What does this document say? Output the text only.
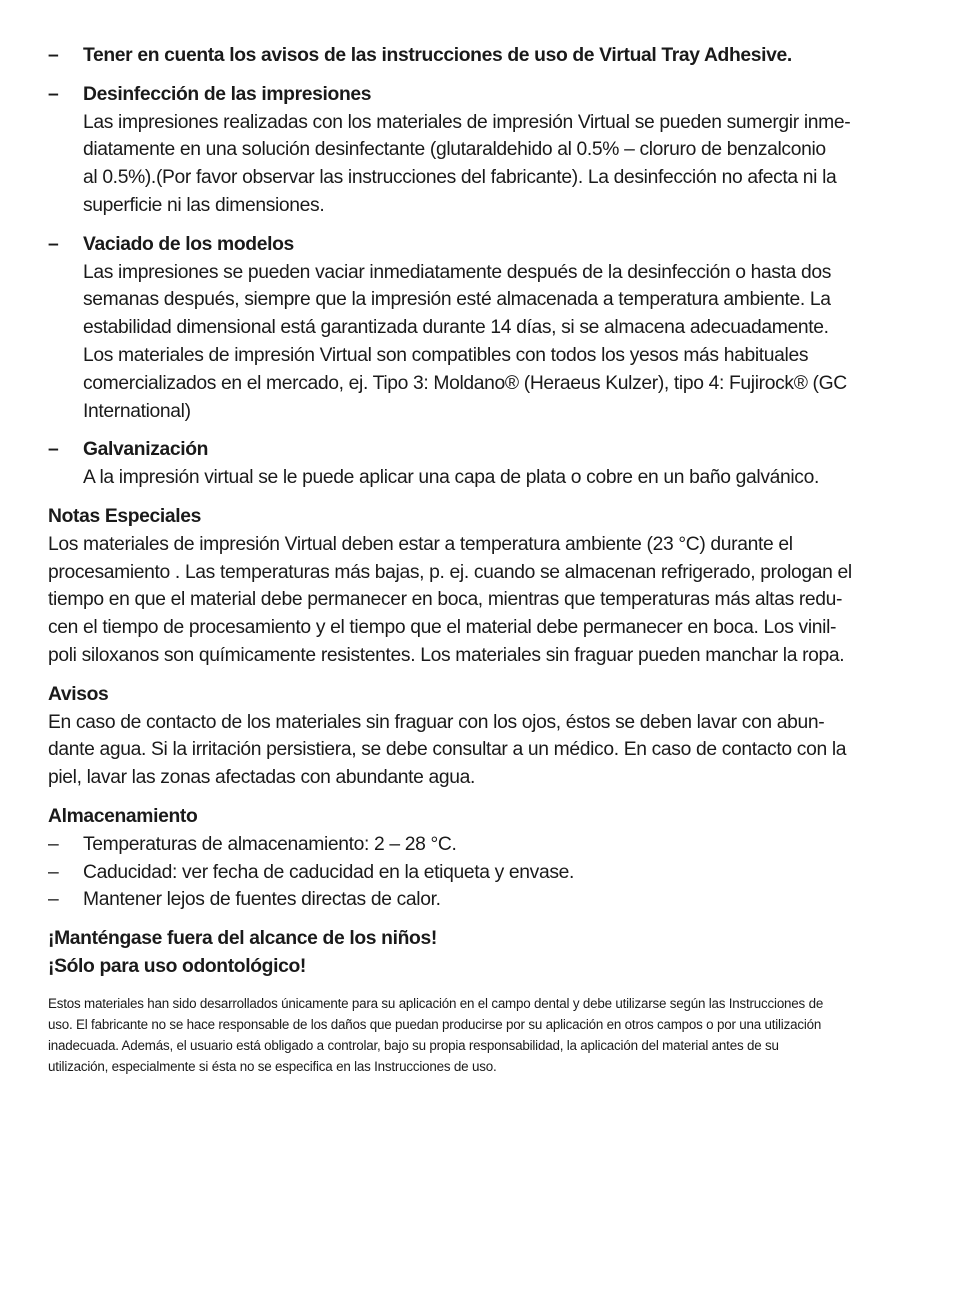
–	Tener en cuenta los avisos de las instrucciones de uso de Virtual Tray Adhesive.

–	Desinfección de las impresiones

Las impresiones realizadas con los materiales de impresión Virtual se pueden sumergir inme-

diatamente en una solución desinfectante (glutaraldehido al 0.5% – cloruro de benzalconio

al 0.5%).(Por favor observar las instrucciones del fabricante). La desinfección no afecta ni la

superficie ni las dimensiones.

–	Vaciado de los modelos

Las impresiones se pueden vaciar inmediatamente después de la desinfección o hasta dos

semanas después, siempre que la impresión esté almacenada a temperatura ambiente. La

estabilidad dimensional está garantizada durante 14 días, si se almacena adecuadamente.

Los materiales de impresión Virtual son compatibles con todos los yesos más habituales

comercializados en el mercado, ej. Tipo 3: Moldano® (Heraeus Kulzer), tipo 4: Fujirock® (GC

International)

–	Galvanización

A la impresión virtual se le puede aplicar una capa de plata o cobre en un baño galvánico.

Notas Especiales

Los materiales de impresión Virtual deben estar a temperatura ambiente (23 °C) durante el

procesamiento . Las temperaturas más bajas, p. ej. cuando se almacenan refrigerado, prologan el

tiempo en que el material debe permanecer en boca, mientras que temperaturas más altas redu-

cen el tiempo de procesamiento y el tiempo que el material debe permanecer en boca. Los vinil-

poli siloxanos son químicamente resistentes. Los materiales sin fraguar pueden manchar la ropa.

Avisos

En caso de contacto de los materiales sin fraguar con los ojos, éstos se deben lavar con abun-

dante agua. Si la irritación persistiera, se debe consultar a un médico. En caso de contacto con la

piel, lavar las zonas afectadas con abundante agua.

Almacenamiento

–	Temperaturas de almacenamiento: 2 – 28 °C.

–	Caducidad: ver fecha de caducidad en la etiqueta y envase.

–	Mantener lejos de fuentes directas de calor.

¡Manténgase fuera del alcance de los niños!

¡Sólo para uso odontológico!

Estos materiales han sido desarrollados únicamente para su aplicación en el campo dental y debe utilizarse según las Instrucciones de

uso. El fabricante no se hace responsable de los daños que puedan producirse por su aplicación en otros campos o por una utilización

inadecuada. Además, el usuario está obligado a controlar, bajo su propia responsabilidad, la aplicación del material antes de su

utilización, especialmente si ésta no se especifica en las Instrucciones de uso.
